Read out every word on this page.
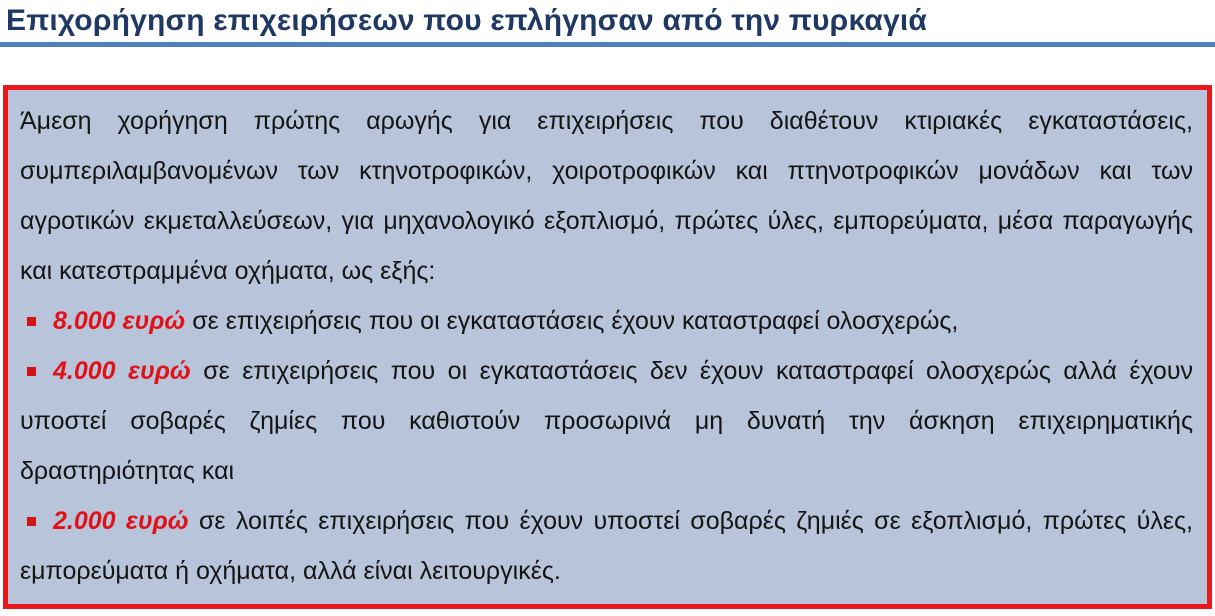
Επιχορήγηση επιχειρήσεων που επλήγησαν από την πυρκαγιά

Άμεση χορήγηση πρώτης αρωγής για επιχειρήσεις που διαθέτουν κτιριακές εγκαταστάσεις, συμπεριλαμβανομένων των κτηνοτροφικών, χοιροτροφικών και πτηνοτροφικών μονάδων και των αγροτικών εκμεταλλεύσεων, για μηχανολογικό εξοπλισμό, πρώτες ύλες, εμπορεύματα, μέσα παραγωγής και κατεστραμμένα οχήματα, ως εξής:

8.000 ευρώ σε επιχειρήσεις που οι εγκαταστάσεις έχουν καταστραφεί ολοσχερώς,

4.000 ευρώ σε επιχειρήσεις που οι εγκαταστάσεις δεν έχουν καταστραφεί ολοσχερώς αλλά έχουν υποστεί σοβαρές ζημίες που καθιστούν προσωρινά μη δυνατή την άσκηση επιχειρηματικής δραστηριότητας και

2.000 ευρώ σε λοιπές επιχειρήσεις που έχουν υποστεί σοβαρές ζημιές σε εξοπλισμό, πρώτες ύλες, εμπορεύματα ή οχήματα, αλλά είναι λειτουργικές.
